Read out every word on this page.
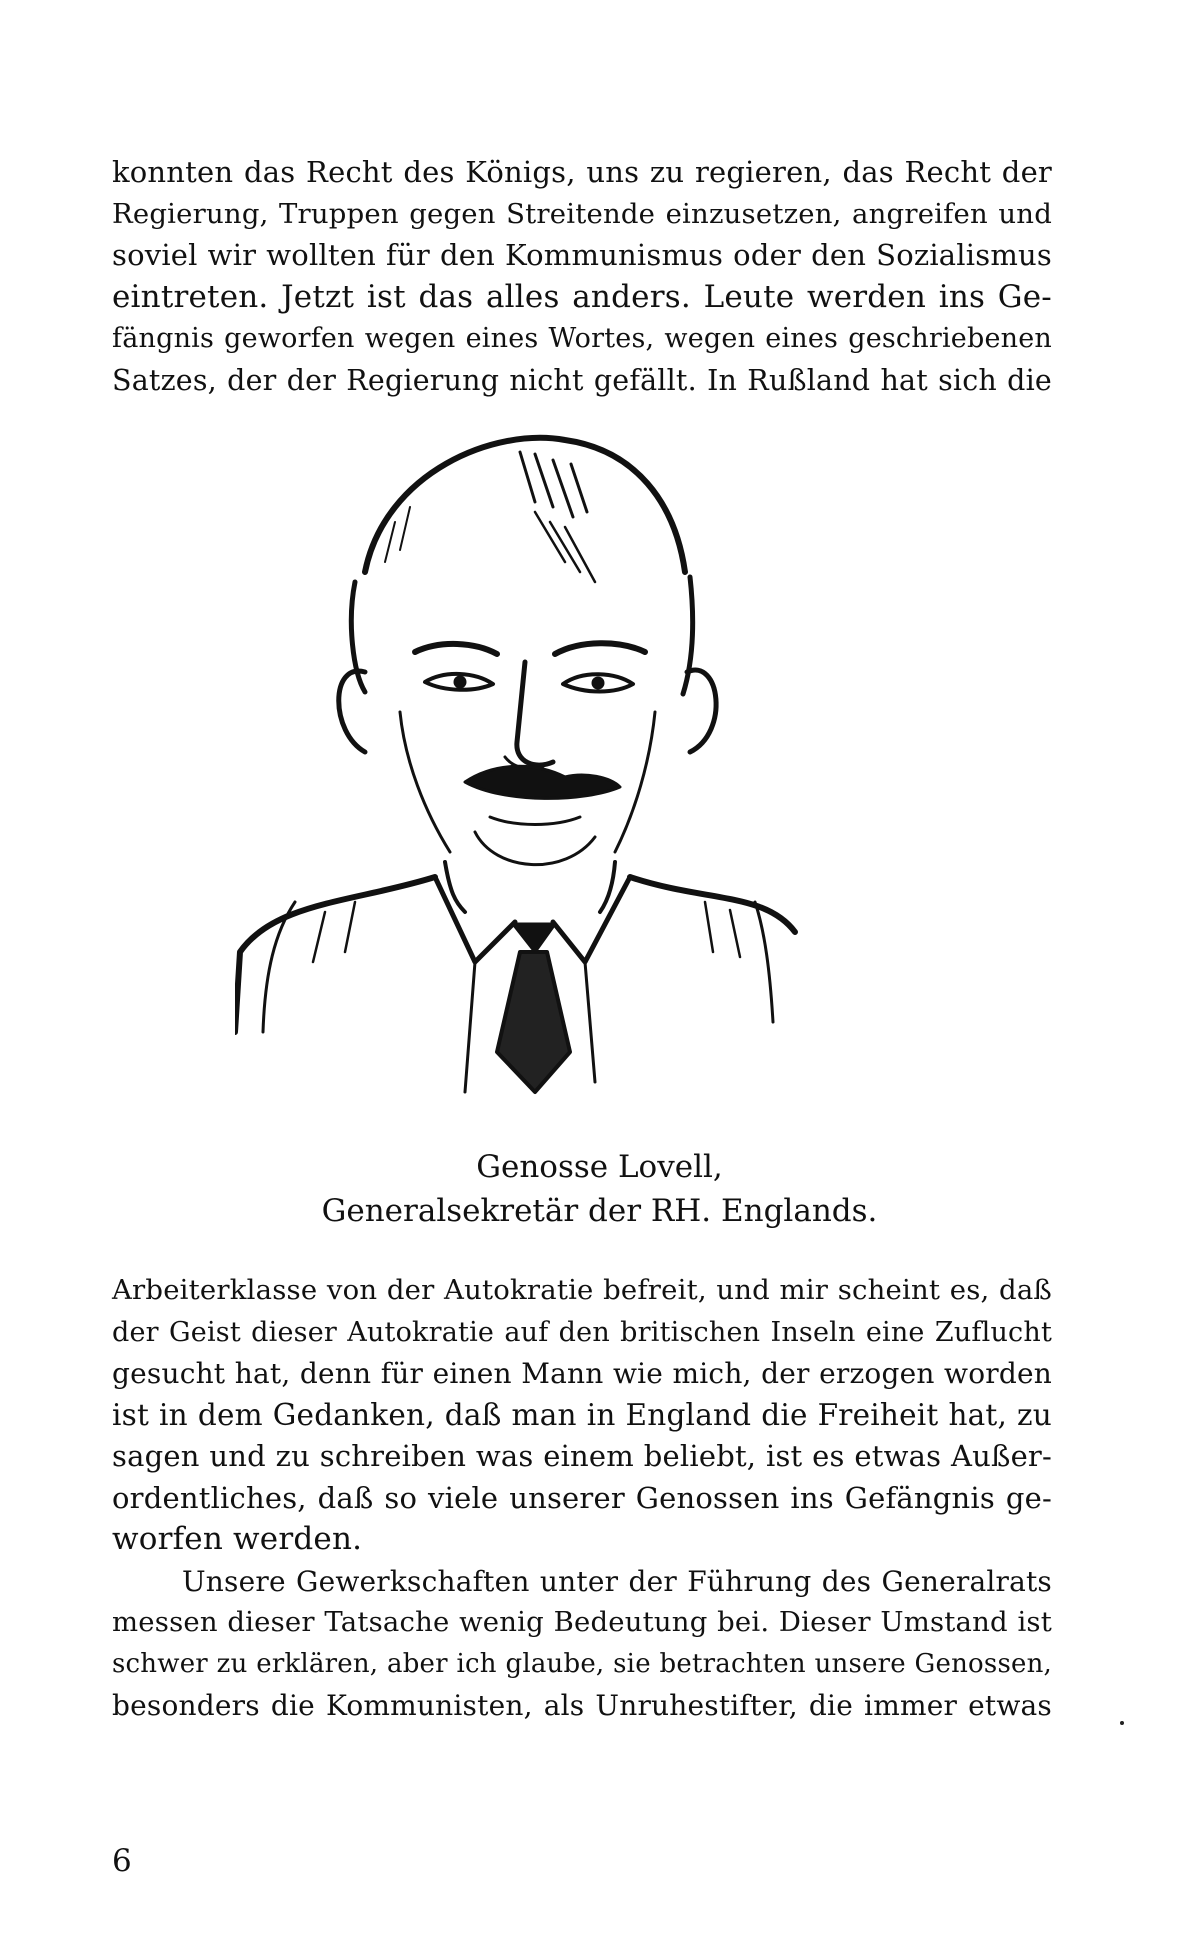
konnten das Recht des Königs, uns zu regieren, das Recht der
Regierung, Truppen gegen Streitende einzusetzen, angreifen und
soviel wir wollten für den Kommunismus oder den Sozialismus
eintreten. Jetzt ist das alles anders. Leute werden ins Ge-
fängnis geworfen wegen eines Wortes, wegen eines geschriebenen
Satzes, der der Regierung nicht gefällt. In Rußland hat sich die
Genosse Lovell,
Generalsekretär der RH. Englands.
Arbeiterklasse von der Autokratie befreit, und mir scheint es, daß
der Geist dieser Autokratie auf den britischen Inseln eine Zuflucht
gesucht hat, denn für einen Mann wie mich, der erzogen worden
ist in dem Gedanken, daß man in England die Freiheit hat, zu
sagen und zu schreiben was einem beliebt, ist es etwas Außer-
ordentliches, daß so viele unserer Genossen ins Gefängnis ge-
worfen werden.
Unsere Gewerkschaften unter der Führung des Generalrats
messen dieser Tatsache wenig Bedeutung bei. Dieser Umstand ist
schwer zu erklären, aber ich glaube, sie betrachten unsere Genossen,
besonders die Kommunisten, als Unruhestifter, die immer etwas
6
